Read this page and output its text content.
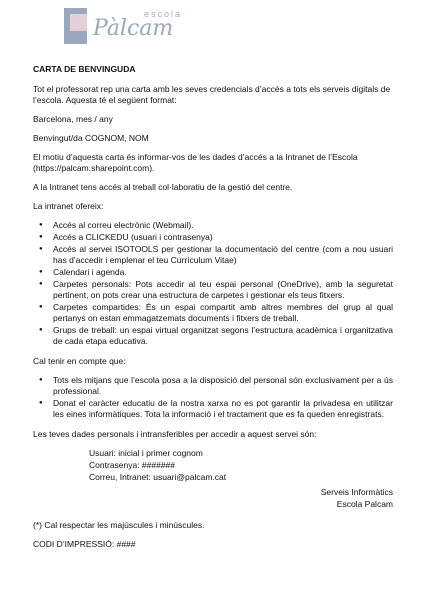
escola
Pàlcam

CARTA DE BENVINGUDA

Tot el professorat rep una carta amb les seves credencials d’accés a tots els serveis digitals de l’escola. Aquesta té el següent format:

Barcelona, mes / any

Benvingut/da COGNOM, NOM

El motiu d’aquesta carta és informar-vos de les dades d’accés a la Intranet de l’Escola (https://palcam.sharepoint.com).

A la Intranet tens accés al treball col·laboratiu de la gestió del centre.

La intranet ofereix:

● Accés al correu electrònic (Webmail).
● Accés a CLICKEDU (usuari i contrasenya)
● Accés al servei ISOTOOLS per gestionar la documentació del centre (com a nou usuari has d’accedir i emplenar el teu Currículum Vitae)
● Calendari i agenda.
● Carpetes personals: Pots accedir al teu espai personal (OneDrive), amb la seguretat pertinent, on pots crear una estructura de carpetes i gestionar els teus fitxers.
● Carpetes compartides: És un espai compartit amb altres membres del grup al qual pertanys on estan emmagatzemats documents i fitxers de treball.
● Grups de treball: un espai virtual organitzat segons l’estructura acadèmica i organitzativa de cada etapa educativa.

Cal tenir en compte que:

● Tots els mitjans que l’escola posa a la disposició del personal són exclusivament per a ús professional.
● Donat el caràcter educatiu de la nostra xarxa no es pot garantir la privadesa en utilitzar les eines informàtiques. Tota la informació i el tractament que es fa queden enregistrats.

Les teves dades personals i intransferibles per accedir a aquest servei són:

Usuari: inicial i primer cognom
Contrasenya: #######
Correu, Intranet: usuari@palcam.cat
Serveis Informàtics
Escola Palcam

(*) Cal respectar les majúscules i minúscules.

CODI D’IMPRESSIÓ: ####
